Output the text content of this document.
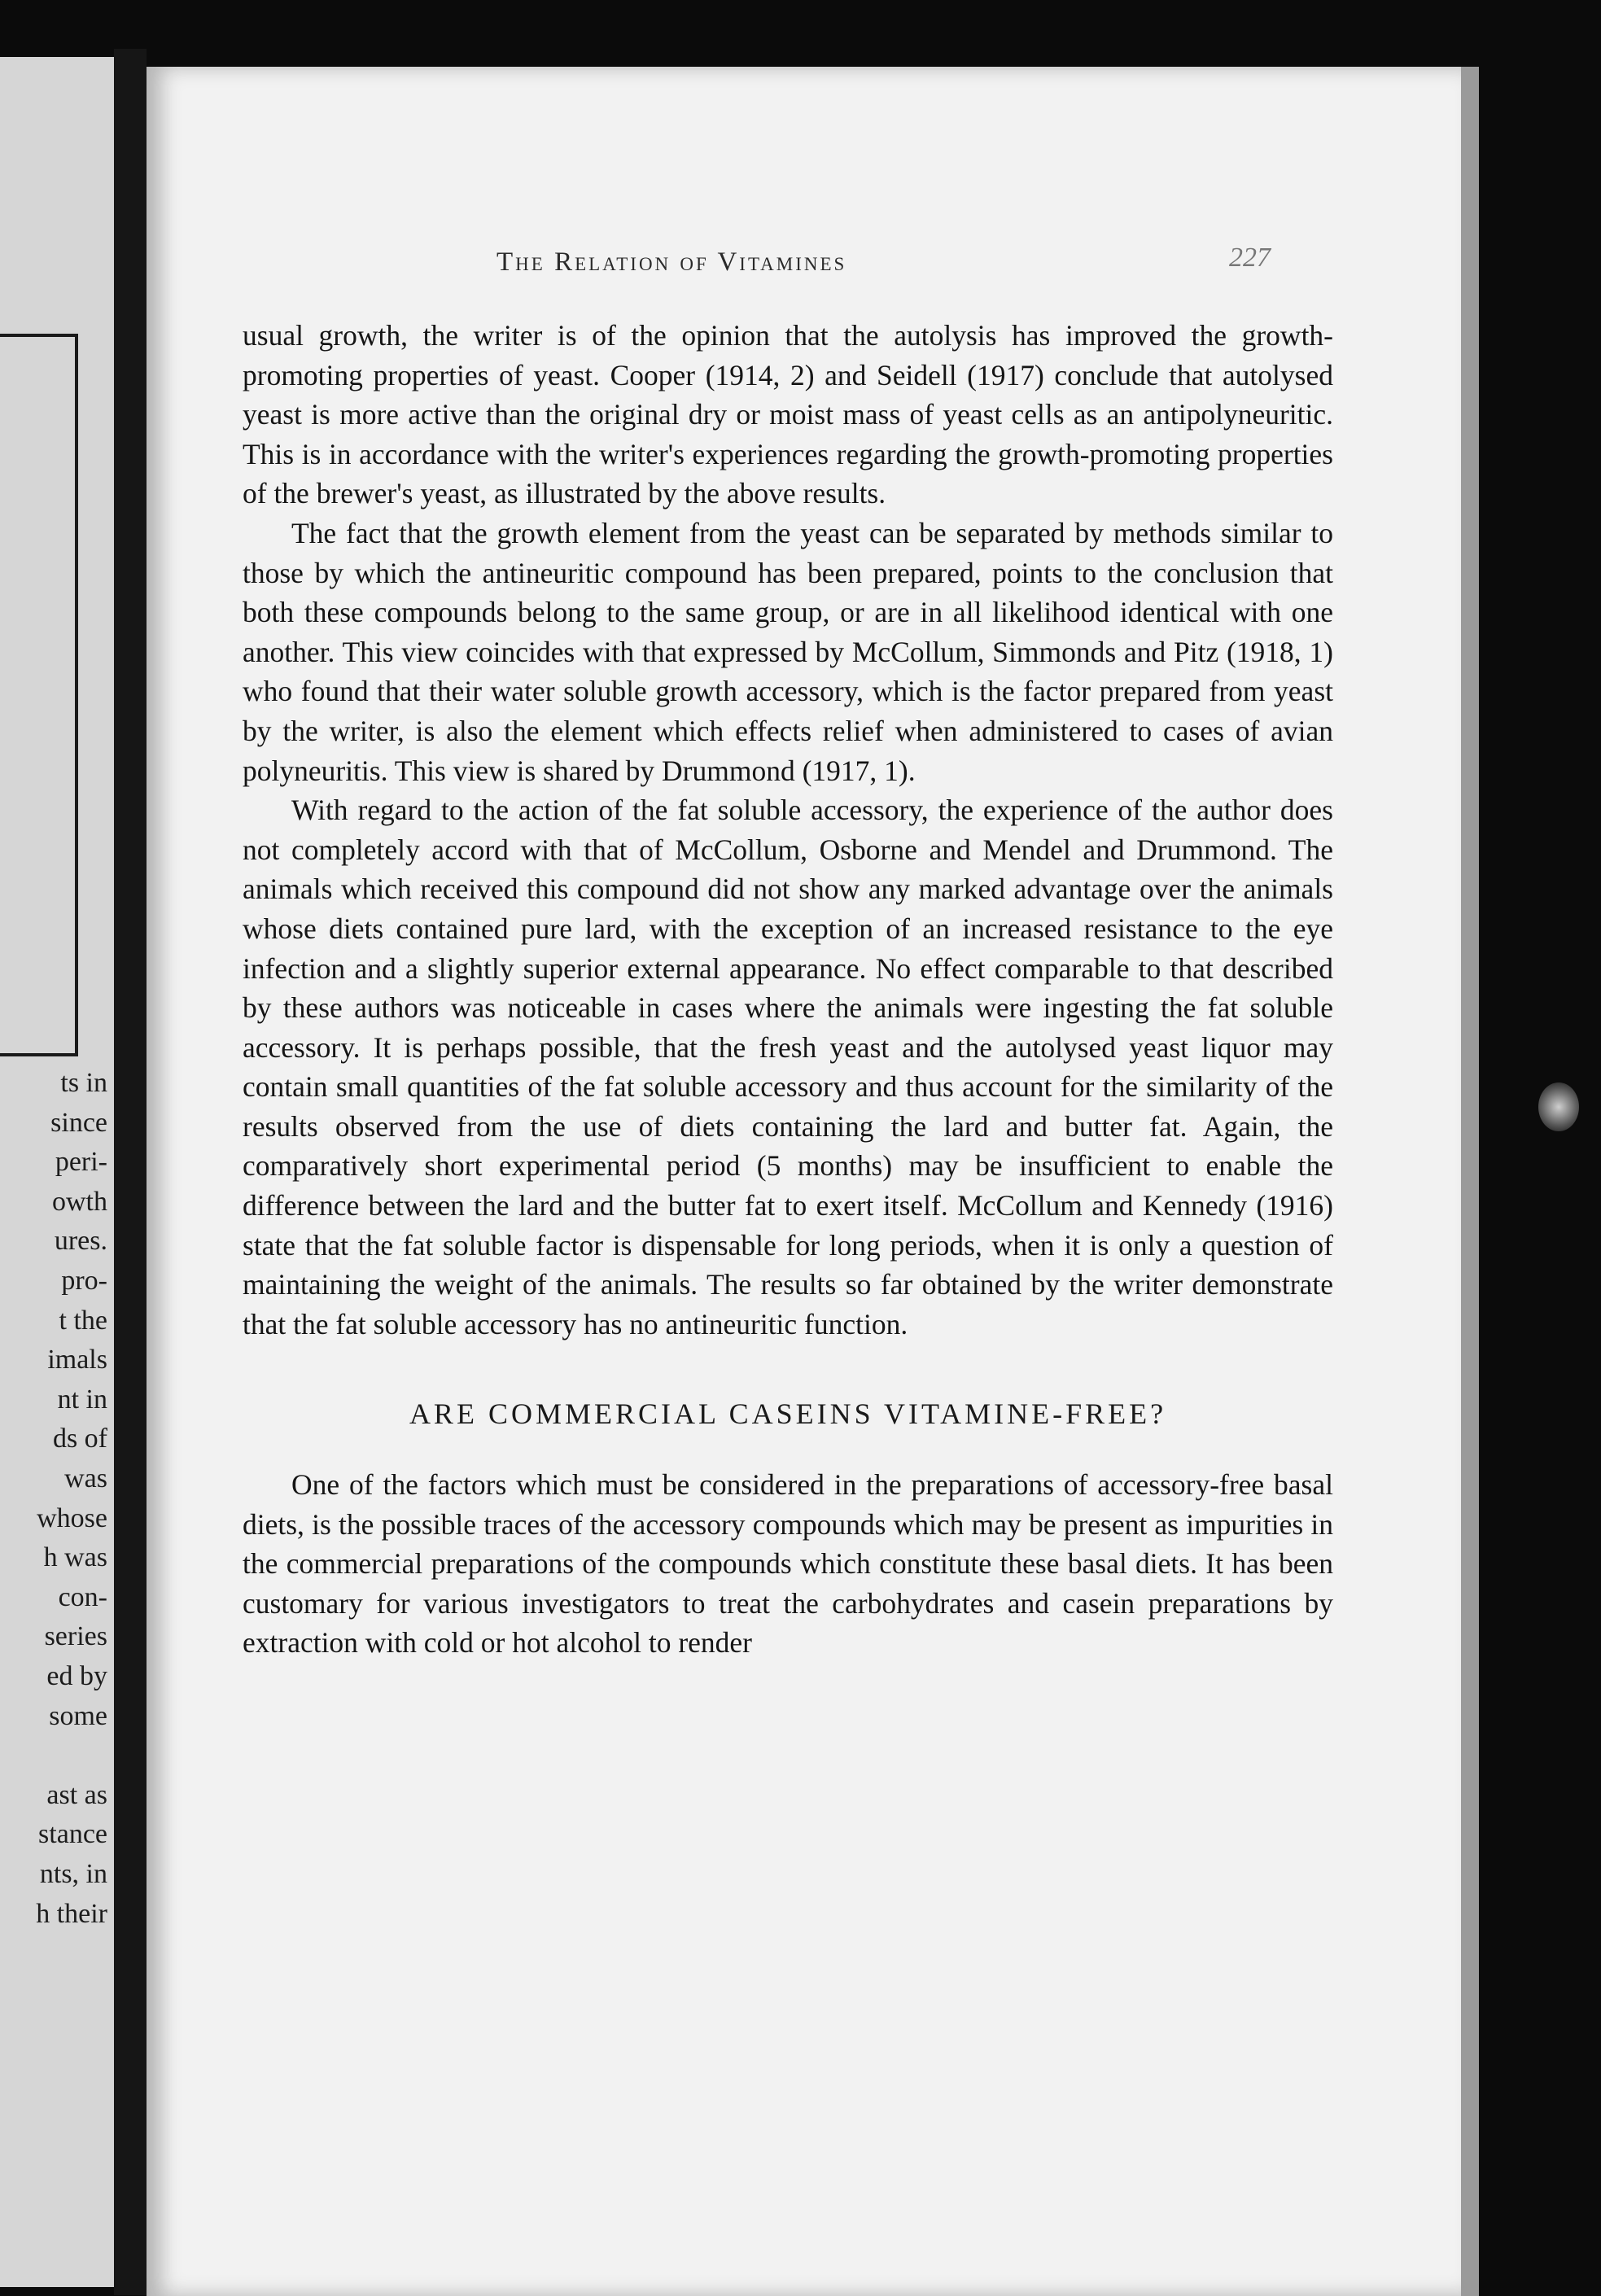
ts in
since
peri-
owth
ures.
pro-
t the
imals
nt in
ds of
was
whose
h was
con-
series
ed by
some
ast as
stance
nts, in
h their
The Relation of Vitamines	227

usual growth, the writer is of the opinion that the autolysis has improved the growth-promoting properties of yeast. Cooper (1914, 2) and Seidell (1917) conclude that autolysed yeast is more active than the original dry or moist mass of yeast cells as an antipolyneuritic. This is in accordance with the writer's experiences regarding the growth-promoting properties of the brewer's yeast, as illustrated by the above results.

The fact that the growth element from the yeast can be separated by methods similar to those by which the antineuritic compound has been prepared, points to the conclusion that both these compounds belong to the same group, or are in all likelihood identical with one another. This view coincides with that expressed by McCollum, Simmonds and Pitz (1918, 1) who found that their water soluble growth accessory, which is the factor prepared from yeast by the writer, is also the element which effects relief when administered to cases of avian polyneuritis. This view is shared by Drummond (1917, 1).

With regard to the action of the fat soluble accessory, the experience of the author does not completely accord with that of McCollum, Osborne and Mendel and Drummond. The animals which received this compound did not show any marked advantage over the animals whose diets contained pure lard, with the exception of an increased resistance to the eye infection and a slightly superior external appearance. No effect comparable to that described by these authors was noticeable in cases where the animals were ingesting the fat soluble accessory. It is perhaps possible, that the fresh yeast and the autolysed yeast liquor may contain small quantities of the fat soluble accessory and thus account for the similarity of the results observed from the use of diets containing the lard and butter fat. Again, the comparatively short experimental period (5 months) may be insufficient to enable the difference between the lard and the butter fat to exert itself. McCollum and Kennedy (1916) state that the fat soluble factor is dispensable for long periods, when it is only a question of maintaining the weight of the animals. The results so far obtained by the writer demonstrate that the fat soluble accessory has no antineuritic function.

ARE COMMERCIAL CASEINS VITAMINE-FREE?

One of the factors which must be considered in the preparations of accessory-free basal diets, is the possible traces of the accessory compounds which may be present as impurities in the commercial preparations of the compounds which constitute these basal diets. It has been customary for various investigators to treat the carbohydrates and casein preparations by extraction with cold or hot alcohol to render
